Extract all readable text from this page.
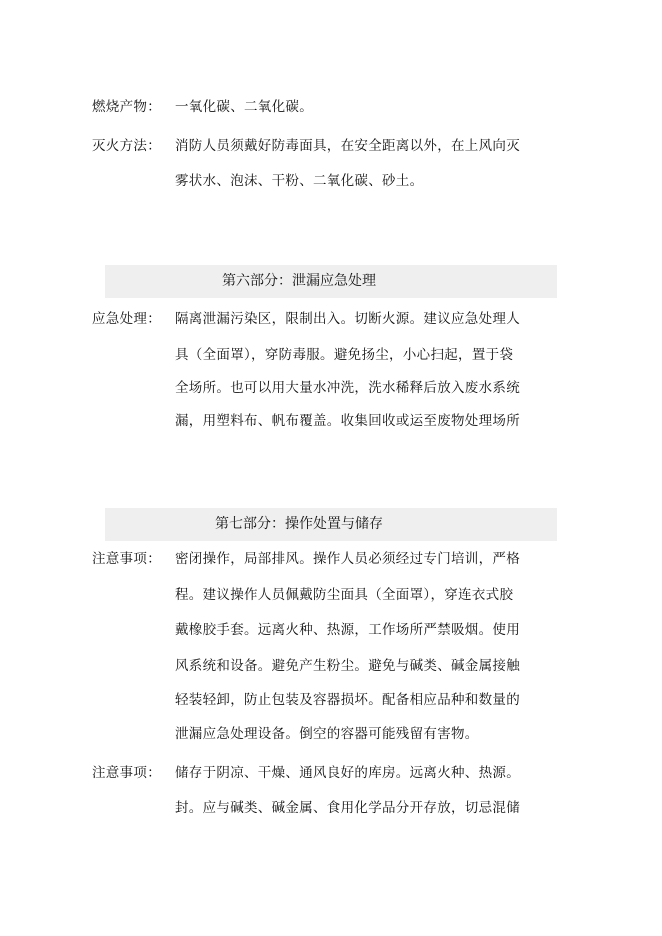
燃烧产物： 一氧化碳、二氧化碳。
灭火方法： 消防人员须戴好防毒面具，在安全距离以外，在上风向灭
雾状水、泡沫、干粉、二氧化碳、砂土。
第六部分：泄漏应急处理
应急处理： 隔离泄漏污染区，限制出入。切断火源。建议应急处理人
具（全面罩），穿防毒服。避免扬尘，小心扫起，置于袋
全场所。也可以用大量水冲洗，洗水稀释后放入废水系统
漏，用塑料布、帆布覆盖。收集回收或运至废物处理场所
第七部分：操作处置与储存
注意事项： 密闭操作，局部排风。操作人员必须经过专门培训，严格
程。建议操作人员佩戴防尘面具（全面罩），穿连衣式胶
戴橡胶手套。远离火种、热源，工作场所严禁吸烟。使用
风系统和设备。避免产生粉尘。避免与碱类、碱金属接触
轻装轻卸，防止包装及容器损坏。配备相应品种和数量的
泄漏应急处理设备。倒空的容器可能残留有害物。
注意事项： 储存于阴凉、干燥、通风良好的库房。远离火种、热源。
封。应与碱类、碱金属、食用化学品分开存放，切忌混储
